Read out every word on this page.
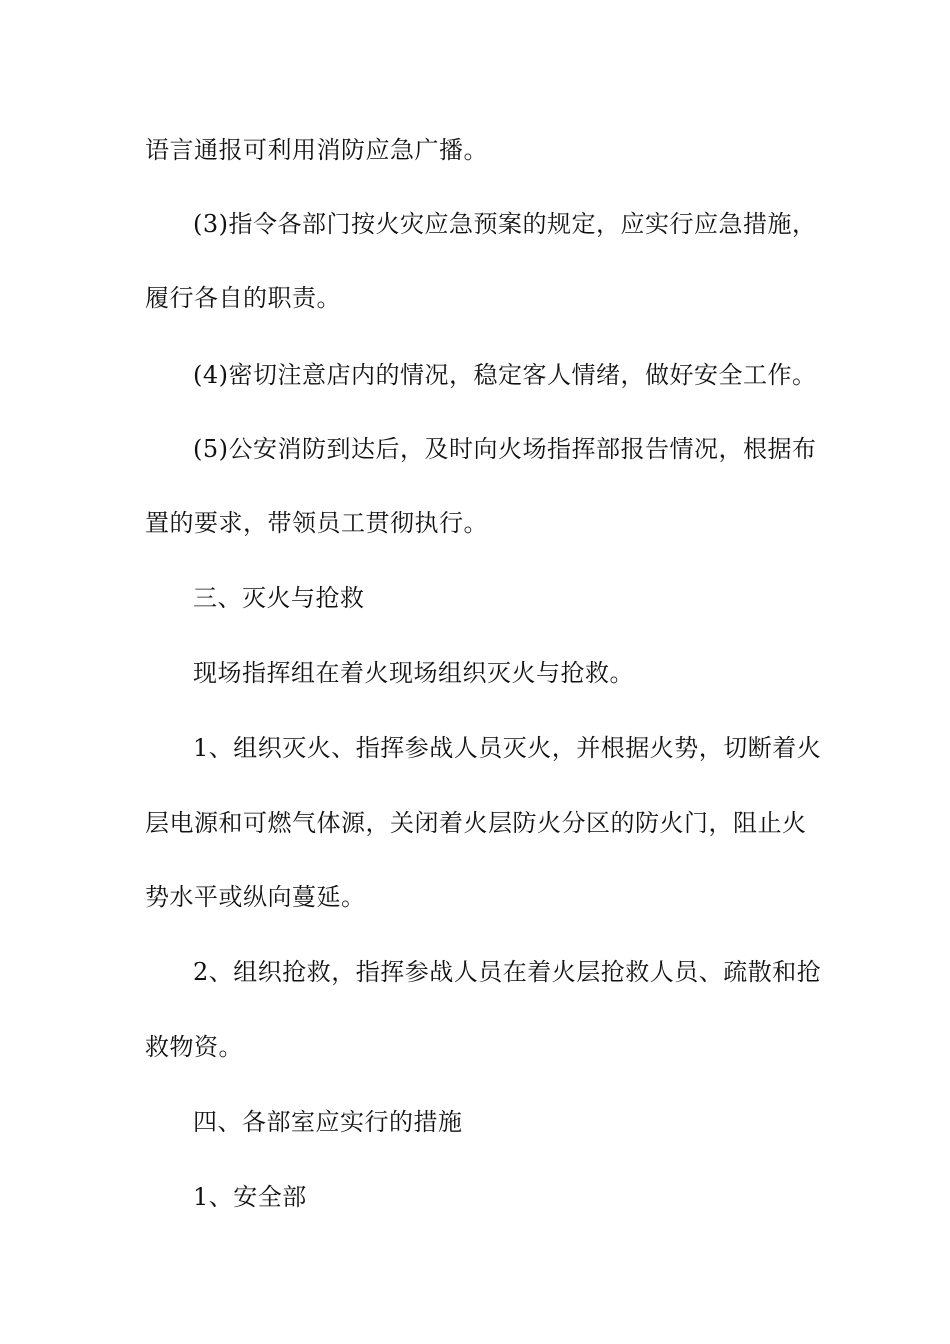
语言通报可利用消防应急广播。
(3)指令各部门按火灾应急预案的规定，应实行应急措施，
履行各自的职责。
(4)密切注意店内的情况，稳定客人情绪，做好安全工作。
(5)公安消防到达后，及时向火场指挥部报告情况，根据布
置的要求，带领员工贯彻执行。
三、灭火与抢救
现场指挥组在着火现场组织灭火与抢救。
1、组织灭火、指挥参战人员灭火，并根据火势，切断着火
层电源和可燃气体源，关闭着火层防火分区的防火门，阻止火
势水平或纵向蔓延。
2、组织抢救，指挥参战人员在着火层抢救人员、疏散和抢
救物资。
四、各部室应实行的措施
1、安全部
